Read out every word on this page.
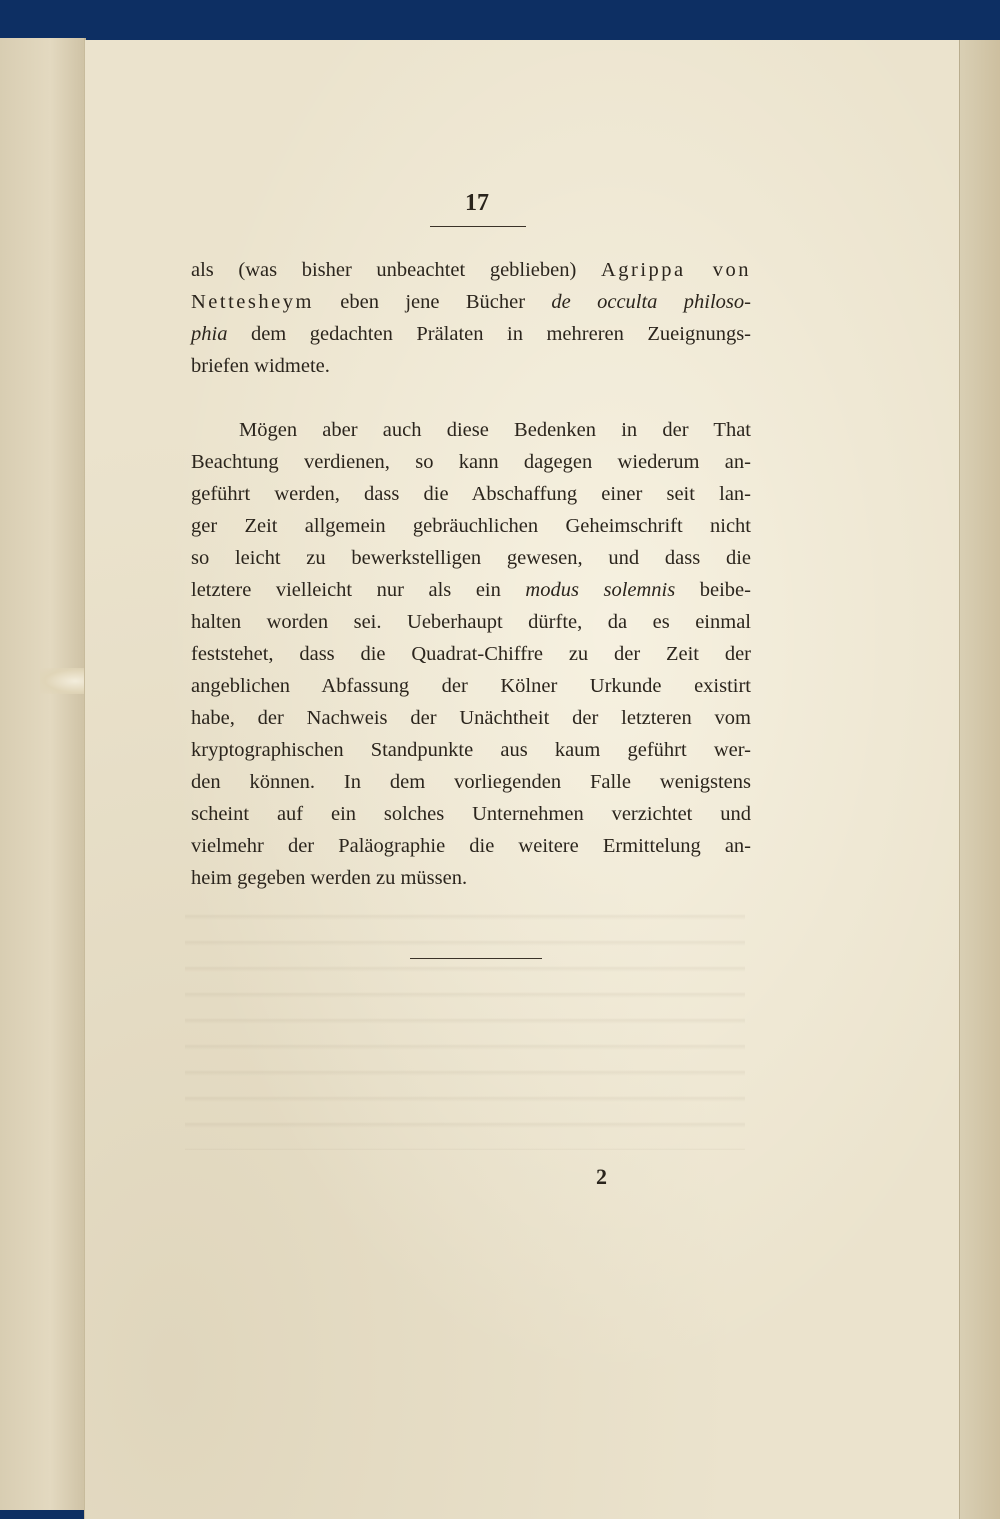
17
als (was bisher unbeachtet geblieben) Agrippa von
Nettesheym eben jene Bücher de occulta philoso-
phia dem gedachten Prälaten in mehreren Zueignungs-
briefen widmete.
Mögen aber auch diese Bedenken in der That
Beachtung verdienen, so kann dagegen wiederum an-
geführt werden, dass die Abschaffung einer seit lan-
ger Zeit allgemein gebräuchlichen Geheimschrift nicht
so leicht zu bewerkstelligen gewesen, und dass die
letztere vielleicht nur als ein modus solemnis beibe-
halten worden sei. Ueberhaupt dürfte, da es einmal
feststehet, dass die Quadrat-Chiffre zu der Zeit der
angeblichen Abfassung der Kölner Urkunde existirt
habe, der Nachweis der Unächtheit der letzteren vom
kryptographischen Standpunkte aus kaum geführt wer-
den können. In dem vorliegenden Falle wenigstens
scheint auf ein solches Unternehmen verzichtet und
vielmehr der Paläographie die weitere Ermittelung an-
heim gegeben werden zu müssen.
2
